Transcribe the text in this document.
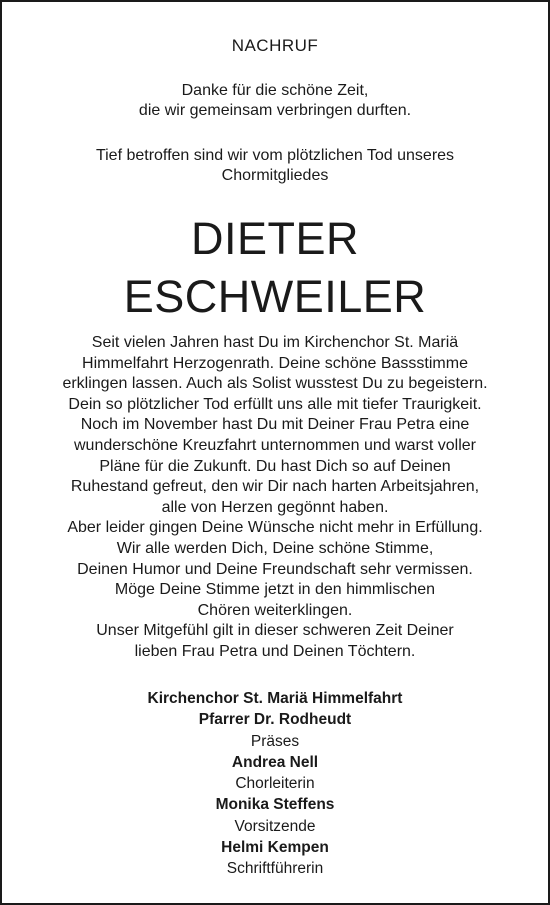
NACHRUF
Danke für die schöne Zeit,
die wir gemeinsam verbringen durften.
Tief betroffen sind wir vom plötzlichen Tod unseres
Chormitgliedes
DIETER
ESCHWEILER
Seit vielen Jahren hast Du im Kirchenchor St. Mariä
Himmelfahrt Herzogenrath. Deine schöne Bassstimme
erklingen lassen. Auch als Solist wusstest Du zu begeistern.
Dein so plötzlicher Tod erfüllt uns alle mit tiefer Traurigkeit.
Noch im November hast Du mit Deiner Frau Petra eine
wunderschöne Kreuzfahrt unternommen und warst voller
Pläne für die Zukunft. Du hast Dich so auf Deinen
Ruhestand gefreut, den wir Dir nach harten Arbeitsjahren,
alle von Herzen gegönnt haben.
Aber leider gingen Deine Wünsche nicht mehr in Erfüllung.
Wir alle werden Dich, Deine schöne Stimme,
Deinen Humor und Deine Freundschaft sehr vermissen.
Möge Deine Stimme jetzt in den himmlischen
Chören weiterklingen.
Unser Mitgefühl gilt in dieser schweren Zeit Deiner
lieben Frau Petra und Deinen Töchtern.
Kirchenchor St. Mariä Himmelfahrt
Pfarrer Dr. Rodheudt
Präses
Andrea Nell
Chorleiterin
Monika Steffens
Vorsitzende
Helmi Kempen
Schriftführerin
